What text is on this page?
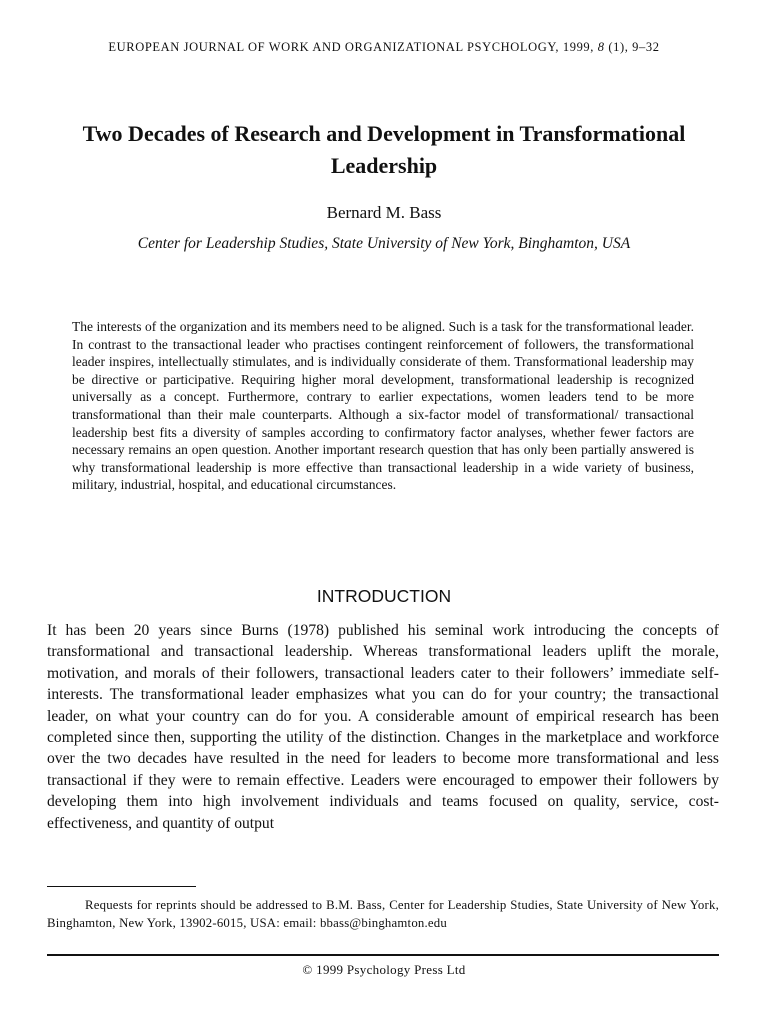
EUROPEAN JOURNAL OF WORK AND ORGANIZATIONAL PSYCHOLOGY, 1999, 8 (1), 9–32
Two Decades of Research and Development in Transformational Leadership
Bernard M. Bass
Center for Leadership Studies, State University of New York, Binghamton, USA
The interests of the organization and its members need to be aligned. Such is a task for the transformational leader. In contrast to the transactional leader who practises contingent reinforcement of followers, the transformational leader inspires, intellectually stimulates, and is individually considerate of them. Transformational leadership may be directive or participative. Requiring higher moral development, transformational leadership is recognized universally as a concept. Furthermore, contrary to earlier expectations, women leaders tend to be more transformational than their male counterparts. Although a six-factor model of transformational/ transactional leadership best fits a diversity of samples according to confirmatory factor analyses, whether fewer factors are necessary remains an open question. Another important research question that has only been partially answered is why transformational leadership is more effective than transactional leadership in a wide variety of business, military, industrial, hospital, and educational circumstances.
INTRODUCTION
It has been 20 years since Burns (1978) published his seminal work introducing the concepts of transformational and transactional leadership. Whereas transformational leaders uplift the morale, motivation, and morals of their followers, transactional leaders cater to their followers’ immediate self-interests. The transformational leader emphasizes what you can do for your country; the transactional leader, on what your country can do for you. A considerable amount of empirical research has been completed since then, supporting the utility of the distinction. Changes in the marketplace and workforce over the two decades have resulted in the need for leaders to become more transformational and less transactional if they were to remain effective. Leaders were encouraged to empower their followers by developing them into high involvement individuals and teams focused on quality, service, cost-effectiveness, and quantity of output
Requests for reprints should be addressed to B.M. Bass, Center for Leadership Studies, State University of New York, Binghamton, New York, 13902-6015, USA: email: bbass@binghamton.edu
© 1999 Psychology Press Ltd
